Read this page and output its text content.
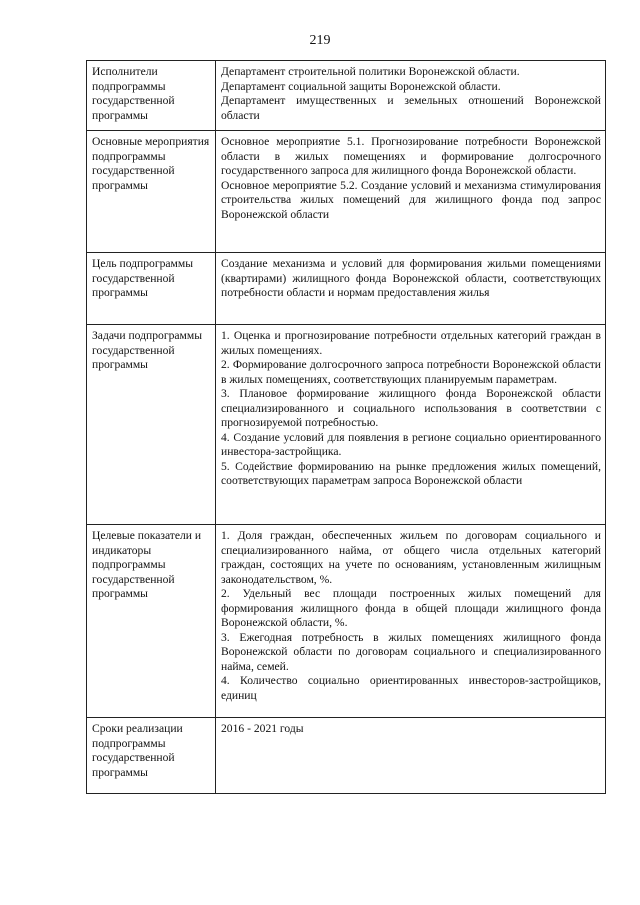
219
Исполнители подпрограммы государственной программы	Департамент строительной политики Воронежской области.
Департамент социальной защиты Воронежской области.
Департамент имущественных и земельных отношений Воронежской области

Основные мероприятия подпрограммы государственной программы	Основное мероприятие 5.1. Прогнозирование потребности Воронежской области в жилых помещениях и формирование долгосрочного государственного запроса для жилищного фонда Воронежской области.
Основное мероприятие 5.2. Создание условий и механизма стимулирования строительства жилых помещений для жилищного фонда под запрос Воронежской области

Цель подпрограммы государственной программы	Создание механизма и условий для формирования жильми помещениями (квартирами) жилищного фонда Воронежской области, соответствующих потребности области и нормам предоставления жилья

Задачи подпрограммы государственной программы	1. Оценка и прогнозирование потребности отдельных категорий граждан в жилых помещениях.
2. Формирование долгосрочного запроса потребности Воронежской области в жилых помещениях, соответствующих планируемым параметрам.
3. Плановое формирование жилищного фонда Воронежской области специализированного и социального использования в соответствии с прогнозируемой потребностью.
4. Создание условий для появления в регионе социально ориентированного инвестора-застройщика.
5. Содействие формированию на рынке предложения жилых помещений, соответствующих параметрам запроса Воронежской области

Целевые показатели и индикаторы подпрограммы государственной программы	1. Доля граждан, обеспеченных жильем по договорам социального и специализированного найма, от общего числа отдельных категорий граждан, состоящих на учете по основаниям, установленным жилищным законодательством, %.
2. Удельный вес площади построенных жилых помещений для формирования жилищного фонда в общей площади жилищного фонда Воронежской области, %.
3. Ежегодная потребность в жилых помещениях жилищного фонда Воронежской области по договорам социального и специализированного найма, семей.
4. Количество социально ориентированных инвесторов-застройщиков, единиц

Сроки реализации подпрограммы государственной программы	2016 - 2021 годы
